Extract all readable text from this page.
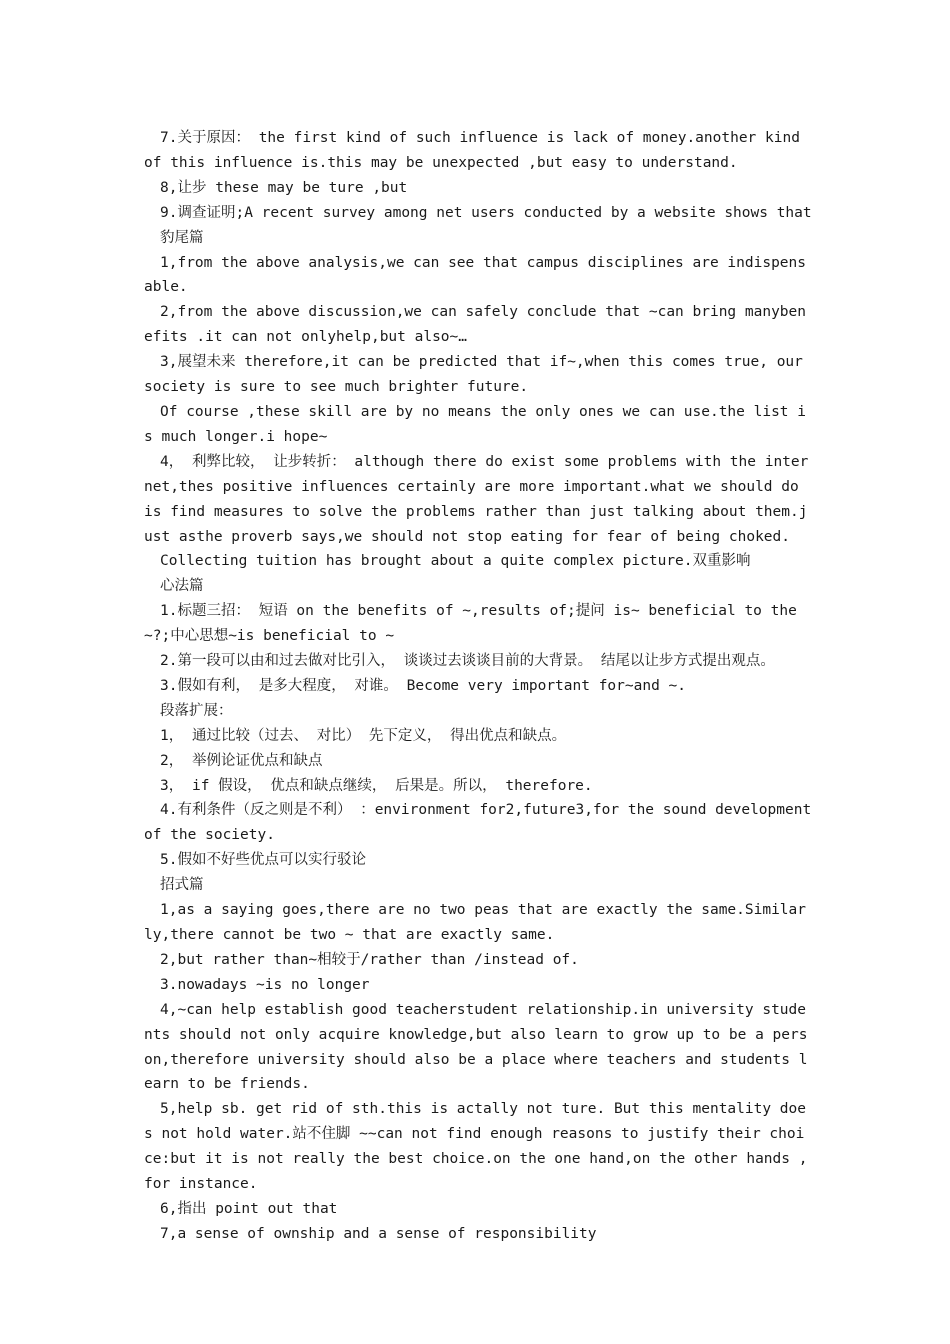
7.关于原因： the first kind of such influence is lack of money.another kind of this influence is.this may be unexpected ,but easy to understand.

8,让步 these may be ture ,but

9.调查证明;A recent survey among net users conducted by a website shows that

豹尾篇

1,from the above analysis,we can see that campus disciplines are indispensable.

2,from the above discussion,we can safely conclude that ~can bring manybenefits .it can not onlyhelp,but also~…

3,展望未来 therefore,it can be predicted that if~,when this comes true, our society is sure to see much brighter future.

Of course ,these skill are by no means the only ones we can use.the list is much longer.i hope~

4， 利弊比较， 让步转折： although there do exist some problems with the internet,thes positive influences certainly are more important.what we should do is find measures to solve the problems rather than just talking about them.just asthe proverb says,we should not stop eating for fear of being choked.

Collecting tuition has brought about a quite complex picture.双重影响

心法篇

1.标题三招： 短语 on the benefits of ~,results of;提问 is~ beneficial to the~?;中心思想~is beneficial to ~

2.第一段可以由和过去做对比引入， 谈谈过去谈谈目前的大背景。 结尾以让步方式提出观点。

3.假如有利， 是多大程度， 对谁。 Become very important for~and ~.

段落扩展：

1， 通过比较（过去、 对比） 先下定义， 得出优点和缺点。

2， 举例论证优点和缺点

3， if 假设， 优点和缺点继续， 后果是。所以， therefore.

4.有利条件（反之则是不利） ：environment for2,future3,for the sound development of the society.

5.假如不好些优点可以实行驳论

招式篇

1,as a saying goes,there are no two peas that are exactly the same.Similarly,there cannot be two ~ that are exactly same.

2,but rather than~相较于/rather than /instead of.

3.nowadays ~is no longer

4,~can help establish good teacherstudent relationship.in university students should not only acquire knowledge,but also learn to grow up to be a person,therefore university should also be a place where teachers and students learn to be friends.

5,help sb. get rid of sth.this is actally not ture. But this mentality does not hold water.站不住脚 ~~can not find enough reasons to justify their choice:but it is not really the best choice.on the one hand,on the other hands ,for instance.

6,指出 point out that

7,a sense of ownship and a sense of responsibility
